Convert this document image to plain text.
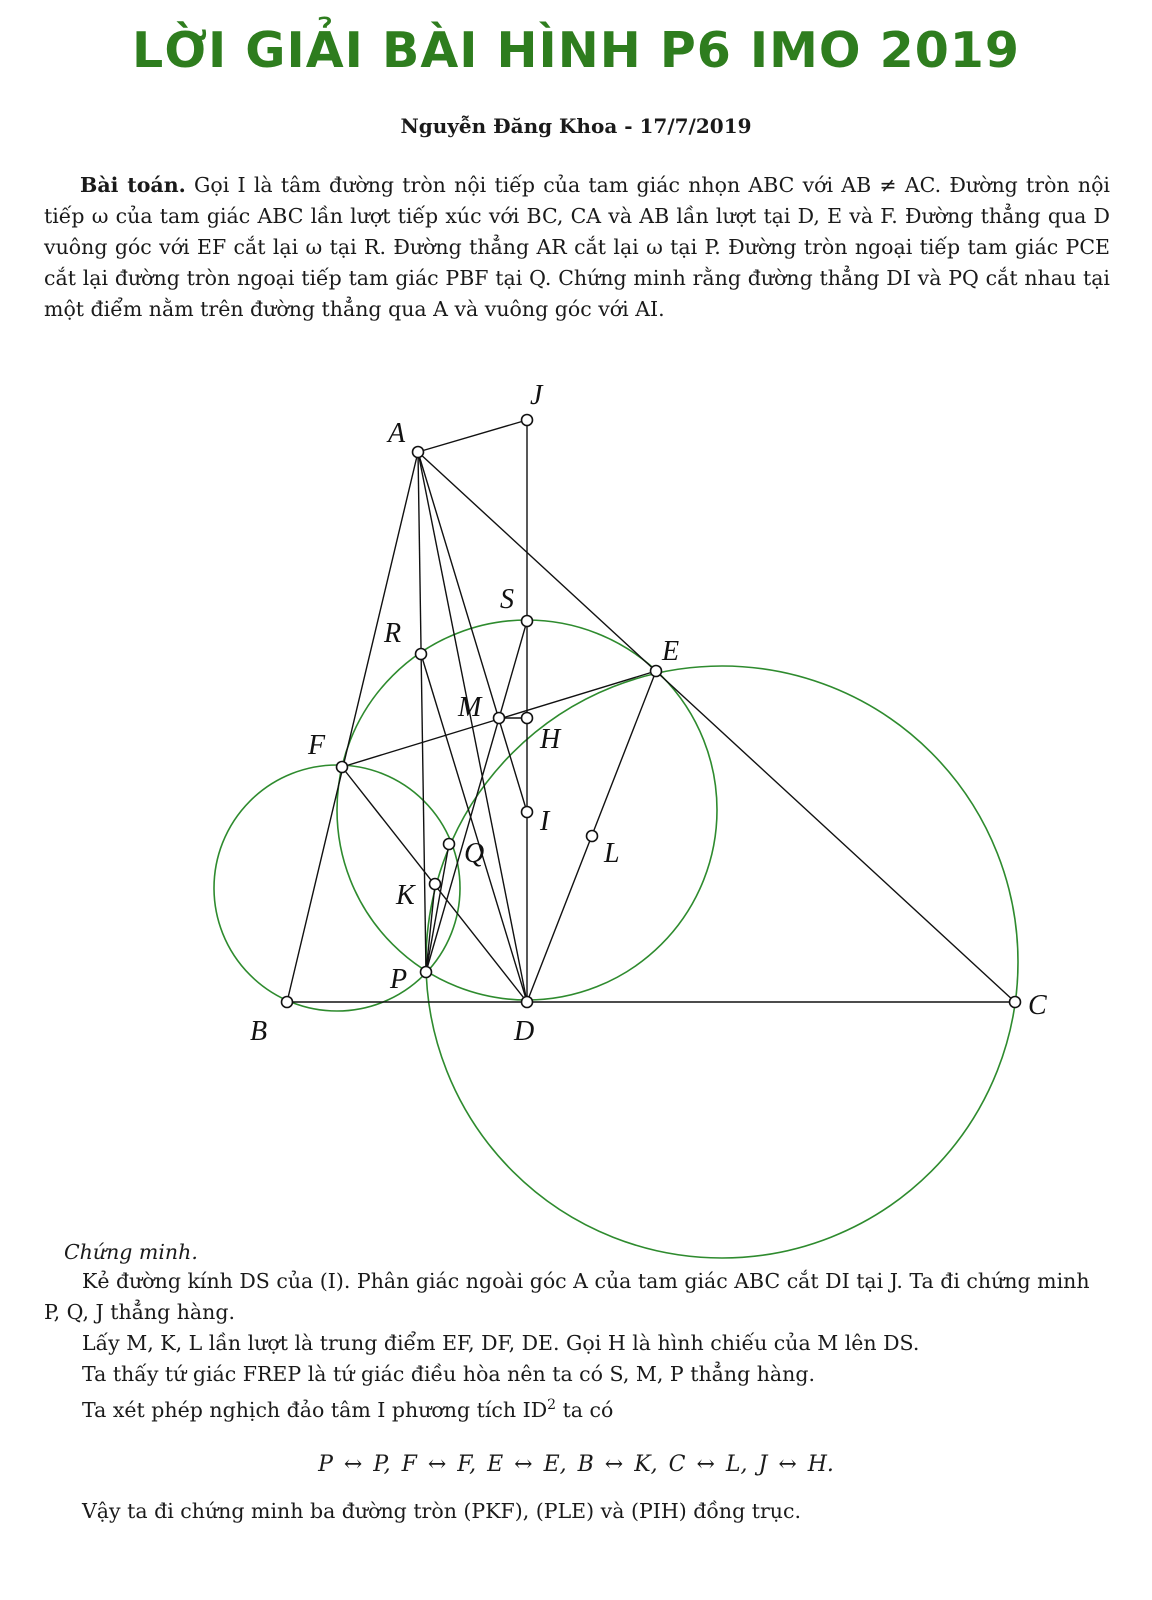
LỜI GIẢI BÀI HÌNH P6 IMO 2019
Nguyễn Đăng Khoa - 17/7/2019
Bài toán. Gọi I là tâm đường tròn nội tiếp của tam giác nhọn ABC với AB ≠ AC. Đường tròn nội tiếp ω của tam giác ABC lần lượt tiếp xúc với BC, CA và AB lần lượt tại D, E và F. Đường thẳng qua D vuông góc với EF cắt lại ω tại R. Đường thẳng AR cắt lại ω tại P. Đường tròn ngoại tiếp tam giác PCE cắt lại đường tròn ngoại tiếp tam giác PBF tại Q. Chứng minh rằng đường thẳng DI và PQ cắt nhau tại một điểm nằm trên đường thẳng qua A và vuông góc với AI.
A
J
S
R
E
M
H
F
I
Q	L
K
P
B	D
C
Chứng minh.
Kẻ đường kính DS của (I). Phân giác ngoài góc A của tam giác ABC cắt DI tại J. Ta đi chứng minh P, Q, J thẳng hàng.
Lấy M, K, L lần lượt là trung điểm EF, DF, DE. Gọi H là hình chiếu của M lên DS.
Ta thấy tứ giác FREP là tứ giác điều hòa nên ta có S, M, P thẳng hàng.
Ta xét phép nghịch đảo tâm I phương tích $ID^2$ ta có
P ↔ P, F ↔ F, E ↔ E, B ↔ K, C ↔ L, J ↔ H.
Vậy ta đi chứng minh ba đường tròn (PKF), (PLE) và (PIH) đồng trục.
